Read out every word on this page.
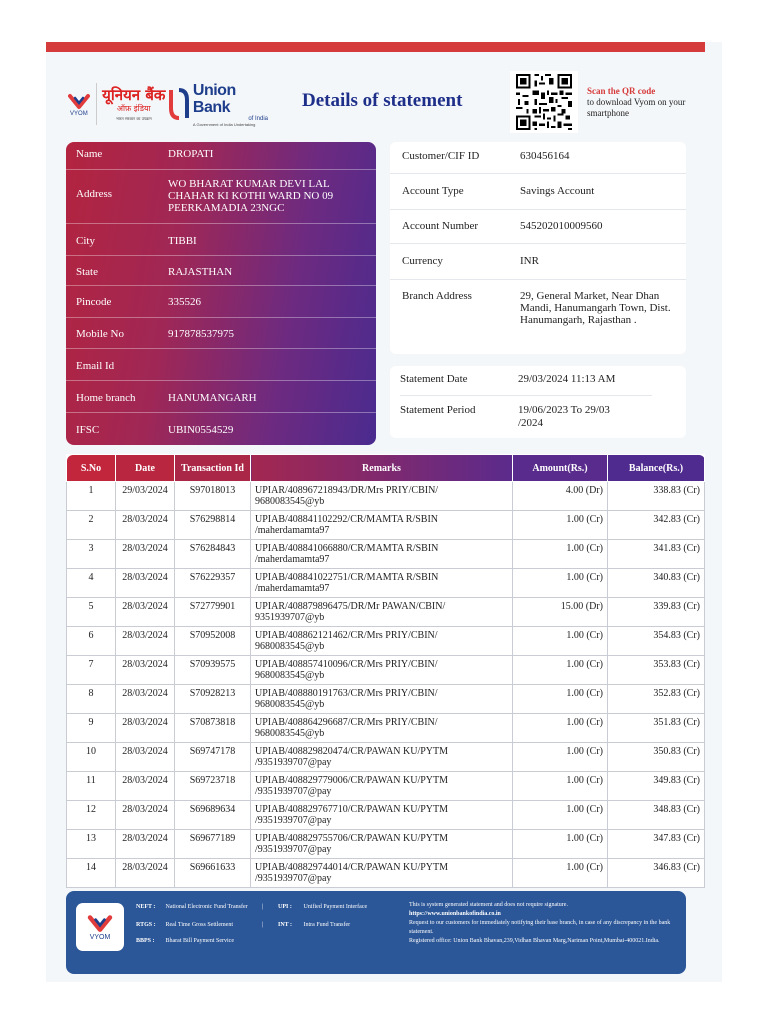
VYOM
यूनियन बैंक
ऑफ़ इंडिया
भारत सरकार का उपक्रम
Union Bank
of India
A Government of India Undertaking
Details of statement	Scan the QR code
to download Vyom on your smartphone
Name	DROPATI
Address
WO BHARAT KUMAR DEVI LAL CHAHAR KI KOTHI WARD NO 09 PEERKAMADIA 23NGC
City	TIBBI
State	RAJASTHAN
Pincode	335526
Mobile No	917878537975
Email Id
Home branch	HANUMANGARH
IFSC	UBIN0554529
Customer/CIF ID	630456164
Account Type	Savings Account
Account Number	545202010009560
Currency	INR
Branch Address	29, General Market, Near Dhan Mandi, Hanumangarh Town, Dist. Hanumangarh, Rajasthan .
Statement Date	29/03/2024 11:13 AM
Statement Period	19/06/2023 To 29/03 /2024
S.No	Date	Transaction Id	Remarks	Amount(Rs.)	Balance(Rs.)
1	29/03/2024	S97018013	UPIAR/408967218943/DR/Mrs PRIY/CBIN/
9680083545@yb	4.00 (Dr)	338.83 (Cr)
2	28/03/2024	S76298814	UPIAB/408841102292/CR/MAMTA R/SBIN
/maherdamamta97	1.00 (Cr)	342.83 (Cr)
3	28/03/2024	S76284843	UPIAB/408841066880/CR/MAMTA R/SBIN
/maherdamamta97	1.00 (Cr)	341.83 (Cr)
4	28/03/2024	S76229357	UPIAB/408841022751/CR/MAMTA R/SBIN
/maherdamamta97	1.00 (Cr)	340.83 (Cr)
5	28/03/2024	S72779901	UPIAR/408879896475/DR/Mr PAWAN/CBIN/
9351939707@yb	15.00 (Dr)	339.83 (Cr)
6	28/03/2024	S70952008	UPIAB/408862121462/CR/Mrs PRIY/CBIN/
9680083545@yb	1.00 (Cr)	354.83 (Cr)
7	28/03/2024	S70939575	UPIAB/408857410096/CR/Mrs PRIY/CBIN/
9680083545@yb	1.00 (Cr)	353.83 (Cr)
8	28/03/2024	S70928213	UPIAB/408880191763/CR/Mrs PRIY/CBIN/
9680083545@yb	1.00 (Cr)	352.83 (Cr)
9	28/03/2024	S70873818	UPIAB/408864296687/CR/Mrs PRIY/CBIN/
9680083545@yb	1.00 (Cr)	351.83 (Cr)
10	28/03/2024	S69747178	UPIAB/408829820474/CR/PAWAN KU/PYTM
/9351939707@pay	1.00 (Cr)	350.83 (Cr)
11	28/03/2024	S69723718	UPIAB/408829779006/CR/PAWAN KU/PYTM
/9351939707@pay	1.00 (Cr)	349.83 (Cr)
12	28/03/2024	S69689634	UPIAB/408829767710/CR/PAWAN KU/PYTM
/9351939707@pay	1.00 (Cr)	348.83 (Cr)
13	28/03/2024	S69677189	UPIAB/408829755706/CR/PAWAN KU/PYTM
/9351939707@pay	1.00 (Cr)	347.83 (Cr)
14	28/03/2024	S69661633	UPIAB/408829744014/CR/PAWAN KU/PYTM
/9351939707@pay	1.00 (Cr)	346.83 (Cr)
VYOM
NEFT : National Electronic Fund Transfer | UPI : Unified Payment Interface
RTGS : Real Time Gross Settlement	| INT : Intra Fund Transfer
BBPS : Bharat Bill Payment Service
This is system generated statement and does not require signature.
https://www.unionbankofindia.co.in
Request to our customers for immediately notifying their base branch, in case of any discrepancy in the bank statement.
Registered office: Union Bank Bhavan,239,Vidhan Bhavan Marg,Nariman Point,Mumbai-400021.India.
